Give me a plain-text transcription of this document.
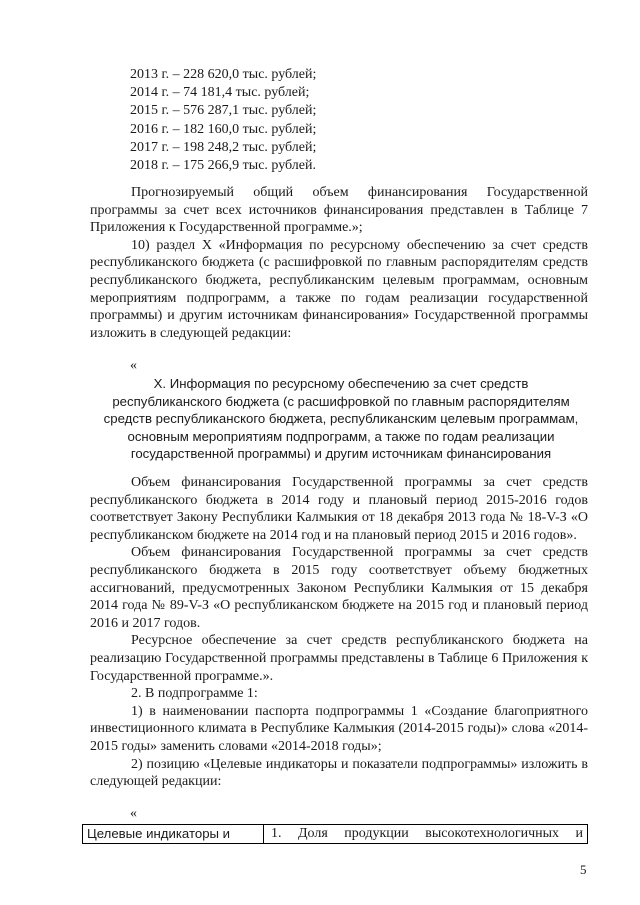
2013 г. – 228 620,0 тыс. рублей;
2014 г. – 74 181,4 тыс. рублей;
2015 г. – 576 287,1 тыс. рублей;
2016 г. – 182 160,0 тыс. рублей;
2017 г. – 198 248,2 тыс. рублей;
2018 г. – 175 266,9 тыс. рублей.

Прогнозируемый общий объем финансирования Государственной программы за счет всех источников финансирования представлен в Таблице 7 Приложения к Государственной программе.»;

10) раздел X «Информация по ресурсному обеспечению за счет средств республиканского бюджета (с расшифровкой по главным распорядителям средств республиканского бюджета, республиканским целевым программам, основным мероприятиям подпрограмм, а также по годам реализации государственной программы) и другим источникам финансирования» Государственной программы изложить в следующей редакции:

«
X. Информация по ресурсному обеспечению за счет средств республиканского бюджета (с расшифровкой по главным распорядителям средств республиканского бюджета, республиканским целевым программам, основным мероприятиям подпрограмм, а также по годам реализации государственной программы) и другим источникам финансирования

Объем финансирования Государственной программы за счет средств республиканского бюджета в 2014 году и плановый период 2015-2016 годов соответствует Закону Республики Калмыкия от 18 декабря 2013 года № 18-V-З «О республиканском бюджете на 2014 год и на плановый период 2015 и 2016 годов».

Объем финансирования Государственной программы за счет средств республиканского бюджета в 2015 году соответствует объему бюджетных ассигнований, предусмотренных Законом Республики Калмыкия от 15 декабря 2014 года № 89-V-З «О республиканском бюджете на 2015 год и плановый период 2016 и 2017 годов.

Ресурсное обеспечение за счет средств республиканского бюджета на реализацию Государственной программы представлены в Таблице 6 Приложения к Государственной программе.».

2. В подпрограмме 1:

1) в наименовании паспорта подпрограммы 1 «Создание благоприятного инвестиционного климата в Республике Калмыкия (2014-2015 годы)» слова «2014-2015 годы» заменить словами «2014-2018 годы»;

2) позицию «Целевые индикаторы и показатели подпрограммы» изложить в следующей редакции:

«
Целевые индикаторы и	1. Доля продукции высокотехнологичных и
5
